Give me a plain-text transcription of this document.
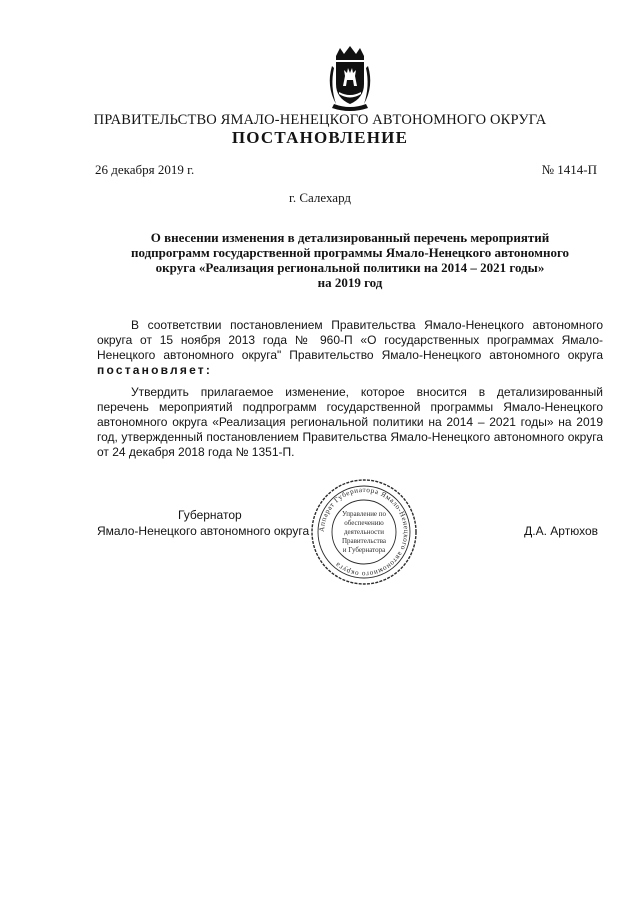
ПРАВИТЕЛЬСТВО ЯМАЛО-НЕНЕЦКОГО АВТОНОМНОГО ОКРУГА
ПОСТАНОВЛЕНИЕ
26 декабря 2019 г.	№ 1414-П
г. Салехард
О внесении изменения в детализированный перечень мероприятий
подпрограмм государственной программы Ямало-Ненецкого автономного
округа «Реализация региональной политики на 2014 – 2021 годы»
на 2019 год
В соответствии постановлением Правительства Ямало-Ненецкого автономного округа от 15 ноября 2013 года № 960-П «О государственных программах Ямало-Ненецкого автономного округа" Правительство Ямало-Ненецкого автономного округа постановляет:
Утвердить прилагаемое изменение, которое вносится в детализированный перечень мероприятий подпрограмм государственной программы Ямало-Ненецкого автономного округа «Реализация региональной политики на 2014 – 2021 годы» на 2019 год, утвержденный постановлением Правительства Ямало-Ненецкого автономного округа от 24 декабря 2018 года № 1351-П.
Губернатор
Ямало-Ненецкого автономного округа	Д.А. Артюхов
Аппарат Губернатора Ямало-Ненецкого автономного округа
Управление по
обеспечению
деятельности
Правительства
и Губернатора
